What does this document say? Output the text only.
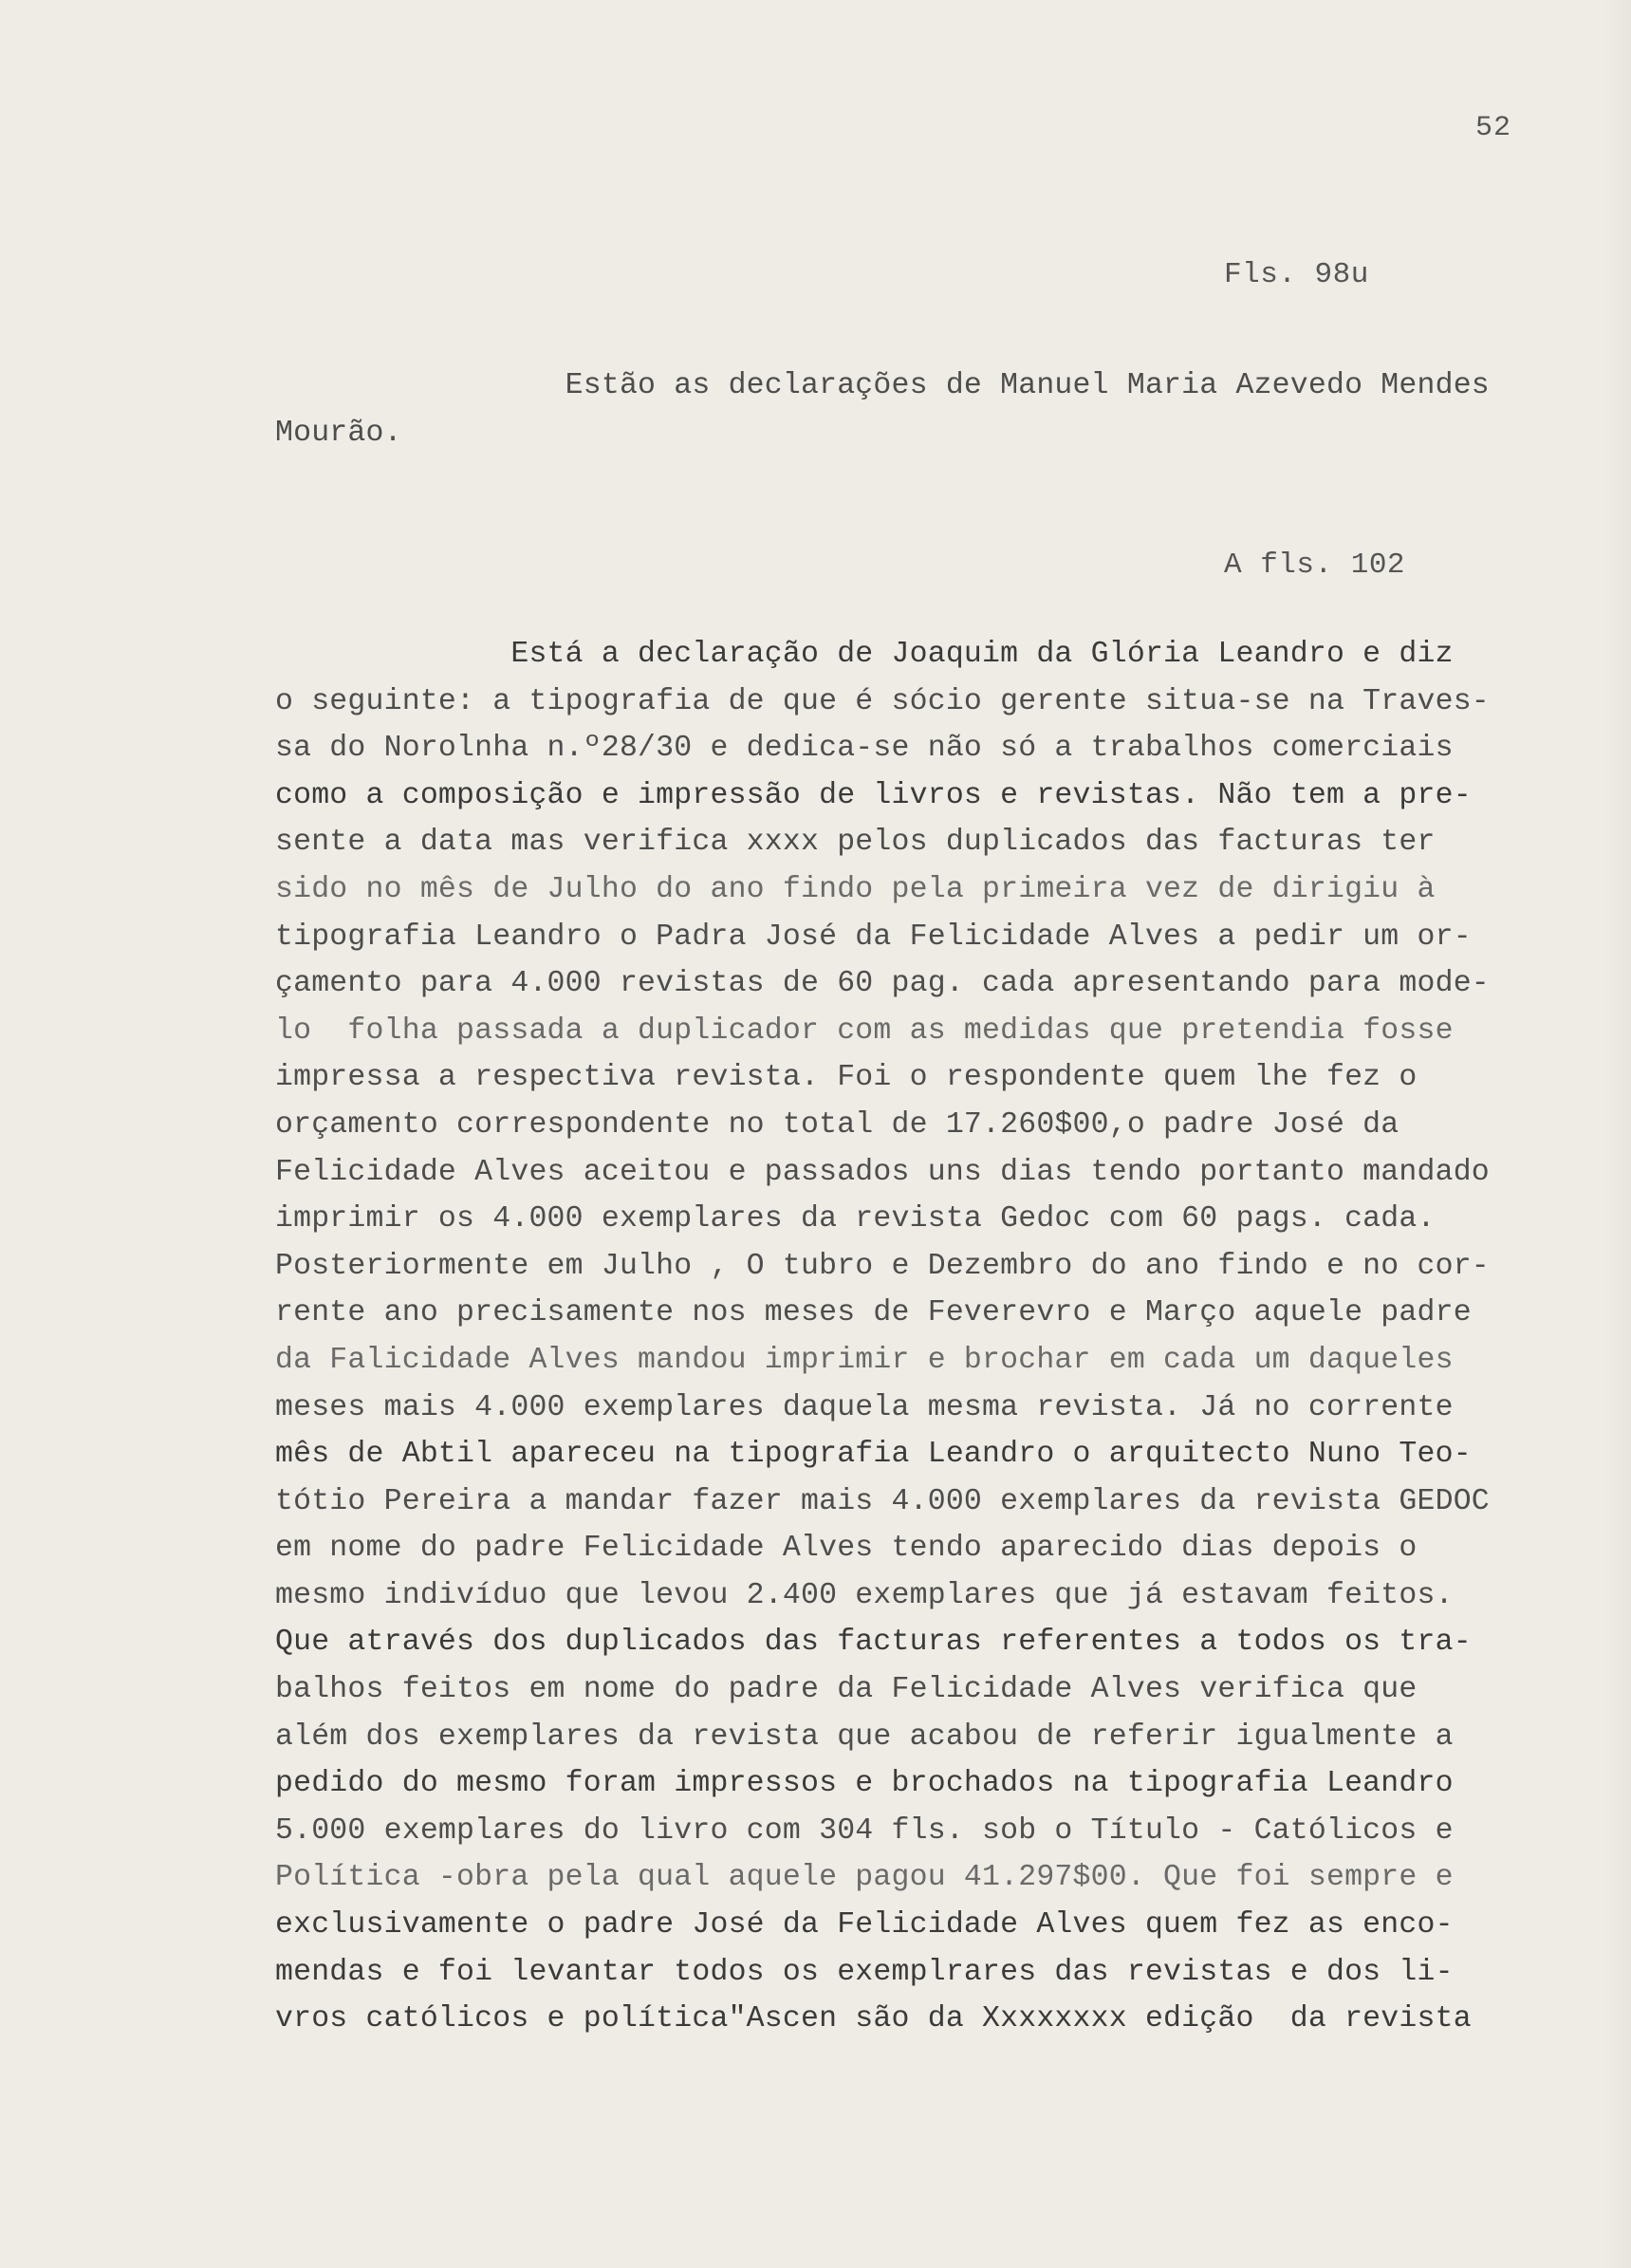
52
Fls. 98u
Estão as declarações de Manuel Maria Azevedo Mendes
Mourão.
A fls. 102
Está a declaração de Joaquim da Glória Leandro e diz
o seguinte: a tipografia de que é sócio gerente situa-se na Traves-
sa do Norolnha n.º28/30 e dedica-se não só a trabalhos comerciais
como a composição e impressão de livros e revistas. Não tem a pre-
sente a data mas verifica xxxx pelos duplicados das facturas ter
sido no mês de Julho do ano findo pela primeira vez de dirigiu à
tipografia Leandro o Padra José da Felicidade Alves a pedir um or-
çamento para 4.000 revistas de 60 pag. cada apresentando para mode-
lo  folha passada a duplicador com as medidas que pretendia fosse
impressa a respectiva revista. Foi o respondente quem lhe fez o
orçamento correspondente no total de 17.260$00,o padre José da
Felicidade Alves aceitou e passados uns dias tendo portanto mandado
imprimir os 4.000 exemplares da revista Gedoc com 60 pags. cada.
Posteriormente em Julho , O tubro e Dezembro do ano findo e no cor-
rente ano precisamente nos meses de Feverevro e Março aquele padre
da Falicidade Alves mandou imprimir e brochar em cada um daqueles
meses mais 4.000 exemplares daquela mesma revista. Já no corrente
mês de Abtil apareceu na tipografia Leandro o arquitecto Nuno Teo-
tótio Pereira a mandar fazer mais 4.000 exemplares da revista GEDOC
em nome do padre Felicidade Alves tendo aparecido dias depois o
mesmo indivíduo que levou 2.400 exemplares que já estavam feitos.
Que através dos duplicados das facturas referentes a todos os tra-
balhos feitos em nome do padre da Felicidade Alves verifica que
além dos exemplares da revista que acabou de referir igualmente a
pedido do mesmo foram impressos e brochados na tipografia Leandro
5.000 exemplares do livro com 304 fls. sob o Título - Católicos e
Política -obra pela qual aquele pagou 41.297$00. Que foi sempre e
exclusivamente o padre José da Felicidade Alves quem fez as enco-
mendas e foi levantar todos os exemplrares das revistas e dos li-
vros católicos e política"Ascen são da Xxxxxxxx edição  da revista
